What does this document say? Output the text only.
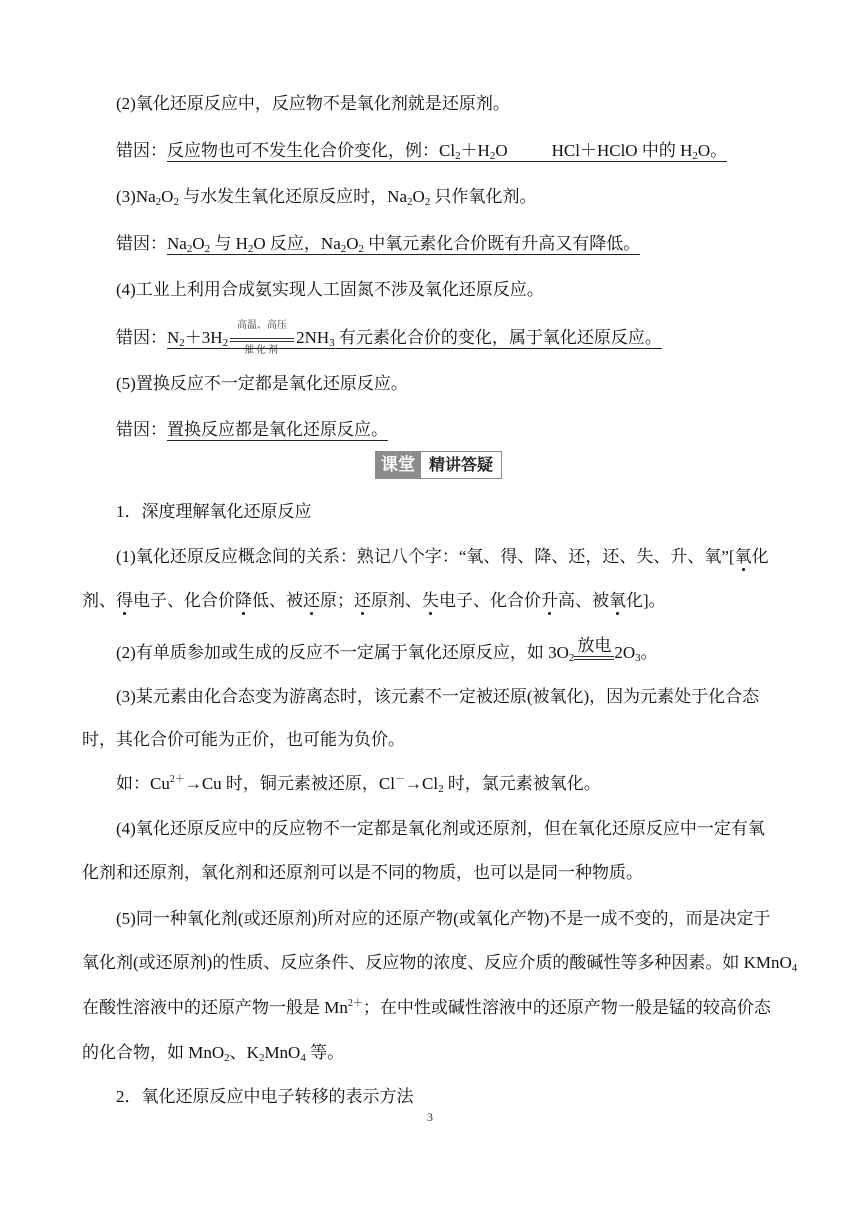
(2)氧化还原反应中，反应物不是氧化剂就是还原剂。
错因：反应物也可不发生化合价变化，例：$Cl_2+H_2O$	HCl＋HClO 中的 $H_2O$。
$(3)Na_2O_2$ 与水发生氧化还原反应时，$Na_2O_2$ 只作氧化剂。
错因：$Na_2O_2$ 与 $H_2O$ 反应，$Na_2O_2$ 中氧元素化合价既有升高又有降低。
(4)工业上利用合成氨实现人工固氮不涉及氧化还原反应。
错因：$N_2+3H_2$
高温、高压
催化剂
$2NH_3$ 有元素化合价的变化，属于氧化还原反应。
(5)置换反应不一定都是氧化还原反应。
错因：置换反应都是氧化还原反应。
课堂 精讲答疑
1．深度理解氧化还原反应
(1)氧化还原反应概念间的关系：熟记八个字：“氧、得、降、还，还、失、升、氧”[氧化
剂、得电子、化合价降低、被还原；还原剂、失电子、化合价升高、被氧化]。
(2)有单质参加或生成的反应不一定属于氧化还原反应，如 $3O_2$
放电 $2O_3$。
(3)某元素由化合态变为游离态时，该元素不一定被还原(被氧化)，因为元素处于化合态
时，其化合价可能为正价，也可能为负价。
如：$Cu^{2+}\to Cu$ 时，铜元素被还原，$Cl^-\to Cl_2$ 时，氯元素被氧化。
(4)氧化还原反应中的反应物不一定都是氧化剂或还原剂，但在氧化还原反应中一定有氧
化剂和还原剂，氧化剂和还原剂可以是不同的物质，也可以是同一种物质。
(5)同一种氧化剂(或还原剂)所对应的还原产物(或氧化产物)不是一成不变的，而是决定于
氧化剂(或还原剂)的性质、反应条件、反应物的浓度、反应介质的酸碱性等多种因素。如 KMnO$_4$
在酸性溶液中的还原产物一般是 $Mn^{2+}$；在中性或碱性溶液中的还原产物一般是锰的较高价态
的化合物，如 MnO$_2$、$K_2MnO_4$ 等。
2．氧化还原反应中电子转移的表示方法
3
